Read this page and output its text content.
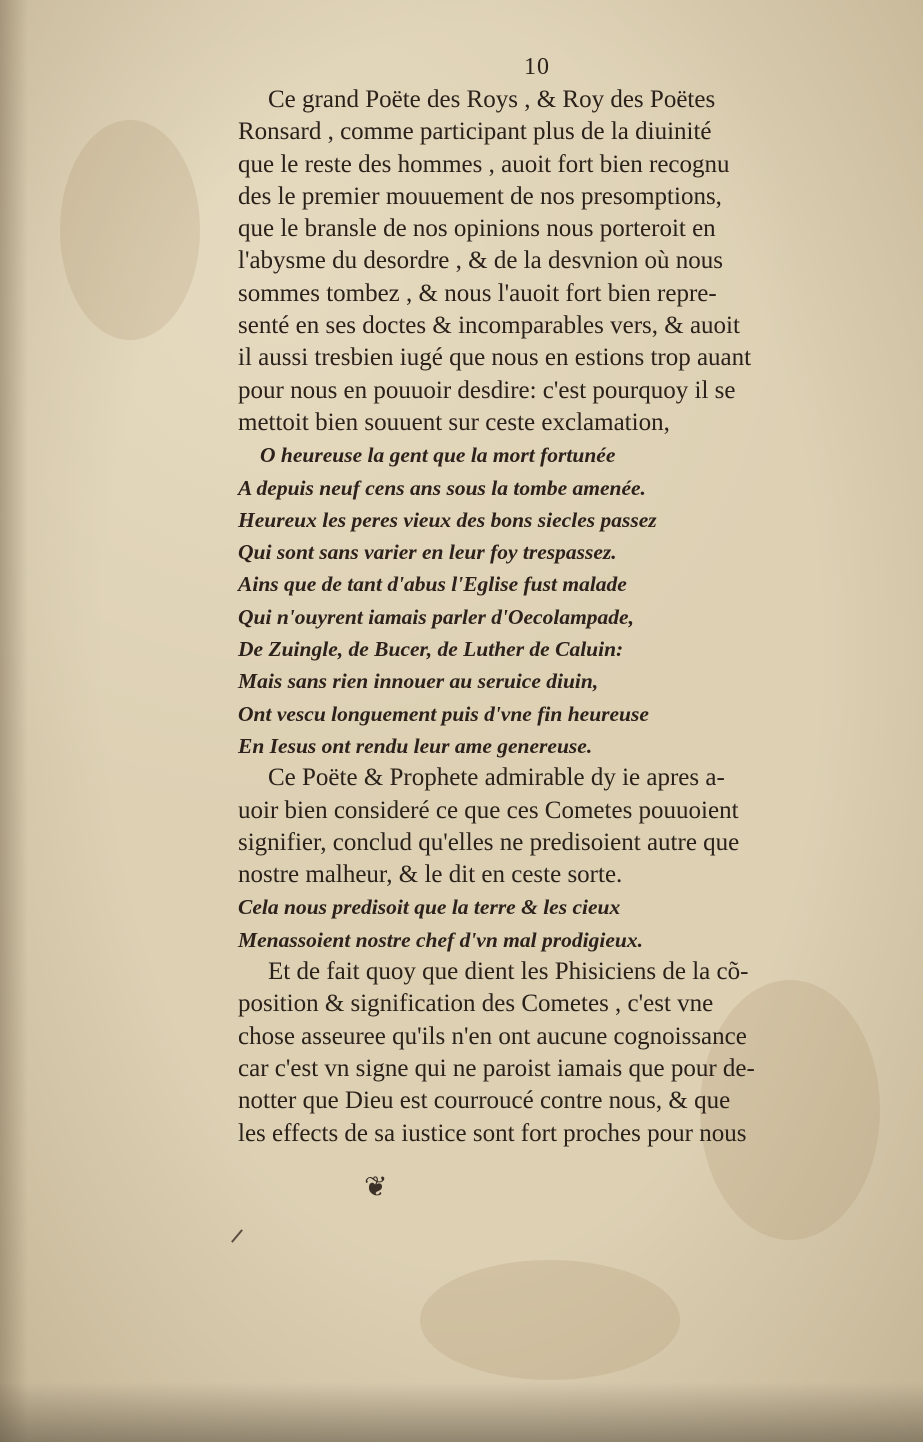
10

Ce grand Poëte des Roys , & Roy des Poëtes

Ronsard , comme participant plus de la diuinité

que le reste des hommes , auoit fort bien recognu

des le premier mouuement de nos presomptions,

que le bransle de nos opinions nous porteroit en

l'abysme du desordre , & de la desvnion où nous

sommes tombez , & nous l'auoit fort bien repre-

senté en ses doctes & incomparables vers, & auoit

il aussi tresbien iugé que nous en estions trop auant

pour nous en pouuoir desdire: c'est pourquoy il se

mettoit bien souuent sur ceste exclamation,

O heureuse la gent que la mort fortunée

A depuis neuf cens ans sous la tombe amenée.

Heureux les peres vieux des bons siecles passez

Qui sont sans varier en leur foy trespassez.

Ains que de tant d'abus l'Eglise fust malade

Qui n'ouyrent iamais parler d'Oecolampade,

De Zuingle, de Bucer, de Luther de Caluin:

Mais sans rien innouer au seruice diuin,

Ont vescu longuement puis d'vne fin heureuse

En Iesus ont rendu leur ame genereuse.

Ce Poëte & Prophete admirable dy ie apres a-

uoir bien consideré ce que ces Cometes pouuoient

signifier, conclud qu'elles ne predisoient autre que

nostre malheur, & le dit en ceste sorte.

Cela nous predisoit que la terre & les cieux

Menassoient nostre chef d'vn mal prodigieux.

Et de fait quoy que dient les Phisiciens de la cõ-

position & signification des Cometes , c'est vne

chose asseuree qu'ils n'en ont aucune cognoissance

car c'est vn signe qui ne paroist iamais que pour de-

notter que Dieu est courroucé contre nous, & que

les effects de sa iustice sont fort proches pour nous

❦
